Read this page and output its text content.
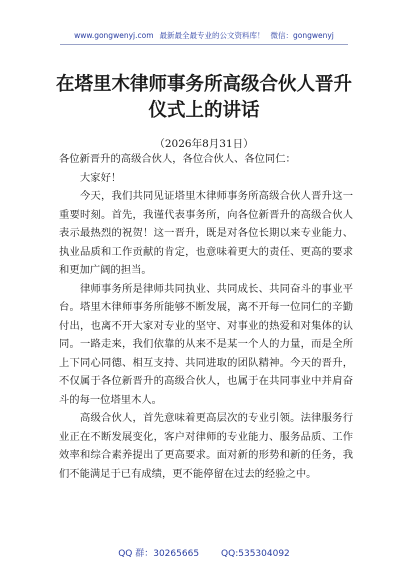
www.gongwenyj.com 最新最全最专业的公文资料库！ 微信：gongwenyj
在塔里木律师事务所高级合伙人晋升仪式上的讲话
（2026年8月31日）

各位新晋升的高级合伙人，各位合伙人、各位同仁：

大家好！

今天，我们共同见证塔里木律师事务所高级合伙人晋升这一重要时刻。首先，我谨代表事务所，向各位新晋升的高级合伙人表示最热烈的祝贺！这一晋升，既是对各位长期以来专业能力、执业品质和工作贡献的肯定，也意味着更大的责任、更高的要求和更加广阔的担当。

律师事务所是律师共同执业、共同成长、共同奋斗的事业平台。塔里木律师事务所能够不断发展，离不开每一位同仁的辛勤付出，也离不开大家对专业的坚守、对事业的热爱和对集体的认同。一路走来，我们依靠的从来不是某一个人的力量，而是全所上下同心同德、相互支持、共同进取的团队精神。今天的晋升，不仅属于各位新晋升的高级合伙人，也属于在共同事业中并肩奋斗的每一位塔里木人。

高级合伙人，首先意味着更高层次的专业引领。法律服务行业正在不断发展变化，客户对律师的专业能力、服务品质、工作效率和综合素养提出了更高要求。面对新的形势和新的任务，我们不能满足于已有成绩，更不能停留在过去的经验之中。

QQ 群：30265665 QQ:535304092
